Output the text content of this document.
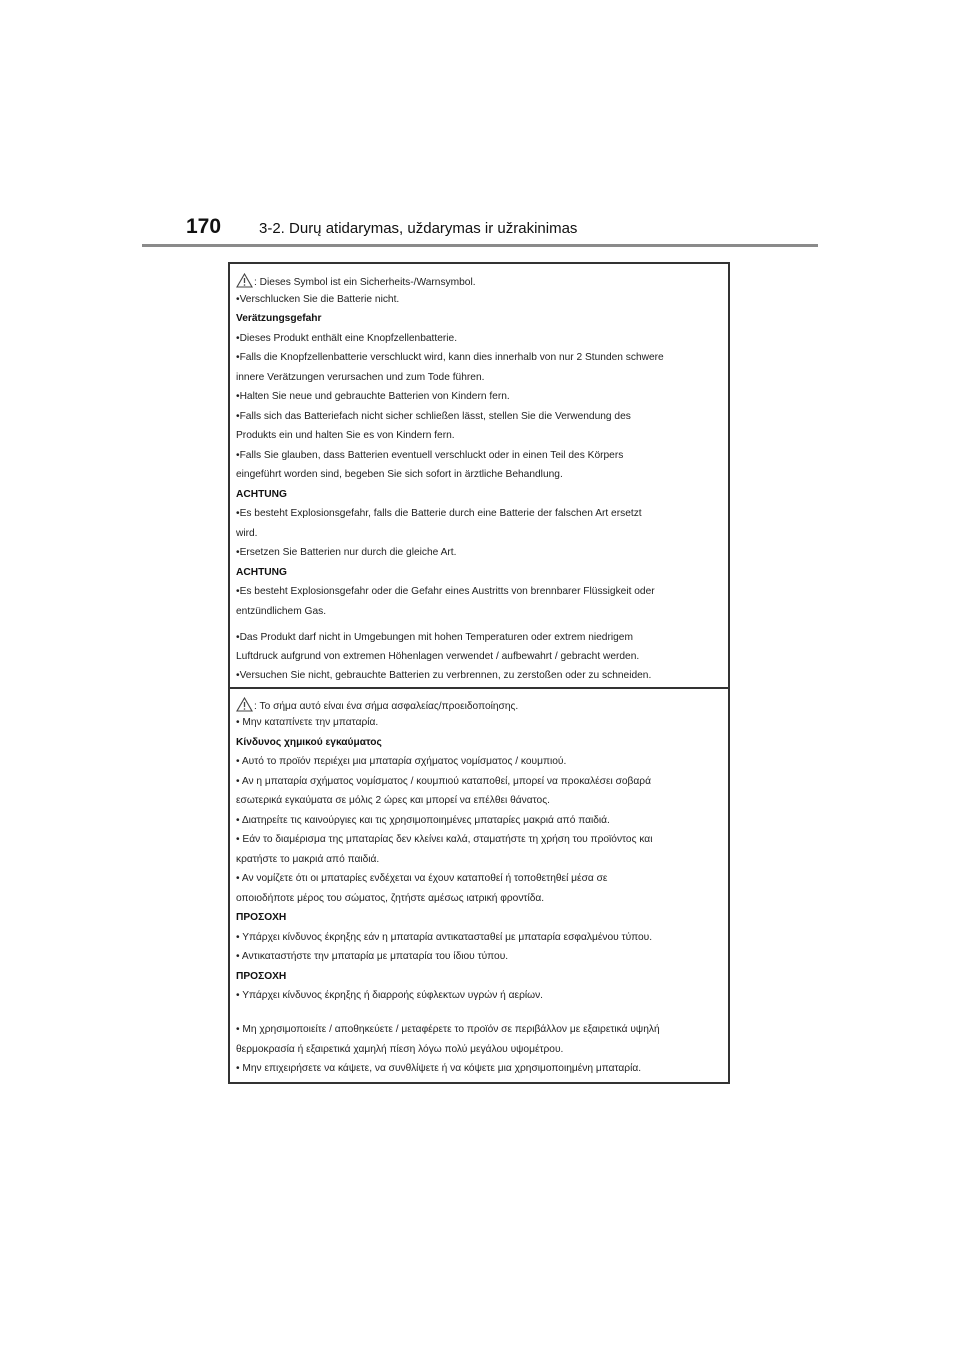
170	3-2. Durų atidarymas, uždarymas ir užrakinimas
: Dieses Symbol ist ein Sicherheits-/Warnsymbol.
•Verschlucken Sie die Batterie nicht.
Verätzungsgefahr
•Dieses Produkt enthält eine Knopfzellenbatterie.
•Falls die Knopfzellenbatterie verschluckt wird, kann dies innerhalb von nur 2 Stunden schwere
innere Verätzungen verursachen und zum Tode führen.
•Halten Sie neue und gebrauchte Batterien von Kindern fern.
•Falls sich das Batteriefach nicht sicher schließen lässt, stellen Sie die Verwendung des
Produkts ein und halten Sie es von Kindern fern.
•Falls Sie glauben, dass Batterien eventuell verschluckt oder in einen Teil des Körpers
eingeführt worden sind, begeben Sie sich sofort in ärztliche Behandlung.
ACHTUNG
•Es besteht Explosionsgefahr, falls die Batterie durch eine Batterie der falschen Art ersetzt
wird.
•Ersetzen Sie Batterien nur durch die gleiche Art.
ACHTUNG
•Es besteht Explosionsgefahr oder die Gefahr eines Austritts von brennbarer Flüssigkeit oder
entzündlichem Gas.
•Das Produkt darf nicht in Umgebungen mit hohen Temperaturen oder extrem niedrigem
Luftdruck aufgrund von extremen Höhenlagen verwendet / aufbewahrt / gebracht werden.
•Versuchen Sie nicht, gebrauchte Batterien zu verbrennen, zu zerstoßen oder zu schneiden.
: Το σήμα αυτό είναι ένα σήμα ασφαλείας/προειδοποίησης.
• Μην καταπίνετε την μπαταρία.
Κίνδυνος χημικού εγκαύματος
• Αυτό το προϊόν περιέχει μια μπαταρία σχήματος νομίσματος / κουμπιού.
• Αν η μπαταρία σχήματος νομίσματος / κουμπιού καταποθεί, μπορεί να προκαλέσει σοβαρά
εσωτερικά εγκαύματα σε μόλις 2 ώρες και μπορεί να επέλθει θάνατος.
• Διατηρείτε τις καινούργιες και τις χρησιμοποιημένες μπαταρίες μακριά από παιδιά.
• Εάν το διαμέρισμα της μπαταρίας δεν κλείνει καλά, σταματήστε τη χρήση του προϊόντος και
κρατήστε το μακριά από παιδιά.
• Αν νομίζετε ότι οι μπαταρίες ενδέχεται να έχουν καταποθεί ή τοποθετηθεί μέσα σε
οποιοδήποτε μέρος του σώματος, ζητήστε αμέσως ιατρική φροντίδα.
ΠΡΟΣΟΧΗ
• Υπάρχει κίνδυνος έκρηξης εάν η μπαταρία αντικατασταθεί με μπαταρία εσφαλμένου τύπου.
• Αντικαταστήστε την μπαταρία με μπαταρία του ίδιου τύπου.
ΠΡΟΣΟΧΗ
• Υπάρχει κίνδυνος έκρηξης ή διαρροής εύφλεκτων υγρών ή αερίων.
• Μη χρησιμοποιείτε / αποθηκεύετε / μεταφέρετε το προϊόν σε περιβάλλον με εξαιρετικά υψηλή
θερμοκρασία ή εξαιρετικά χαμηλή πίεση λόγω πολύ μεγάλου υψομέτρου.
• Μην επιχειρήσετε να κάψετε, να συνθλίψετε ή να κόψετε μια χρησιμοποιημένη μπαταρία.
